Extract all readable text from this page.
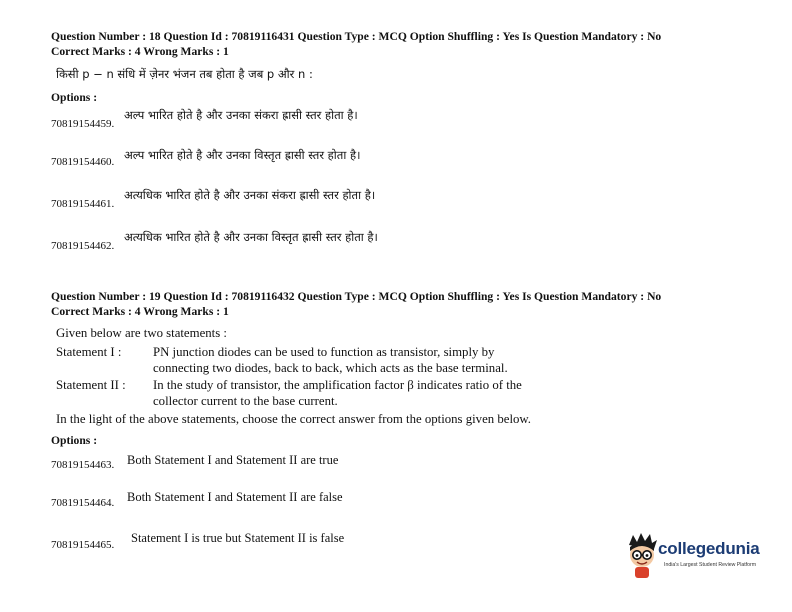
Question Number : 18 Question Id : 70819116431 Question Type : MCQ Option Shuffling : Yes Is Question Mandatory : No
Correct Marks : 4 Wrong Marks : 1
किसी p − n संधि में ज़ेनर भंजन तब होता है जब p और n :
Options :
70819154459.
अल्प भारित होते है और उनका संकरा ह्रासी स्तर होता है।
70819154460. अल्प भारित होते है और उनका विस्तृत ह्रासी स्तर होता है।
70819154461.
अत्यधिक भारित होते है और उनका संकरा ह्रासी स्तर होता है।
70819154462.
अत्यधिक भारित होते है और उनका विस्तृत ह्रासी स्तर होता है।
Question Number : 19 Question Id : 70819116432 Question Type : MCQ Option Shuffling : Yes Is Question Mandatory : No
Correct Marks : 4 Wrong Marks : 1
Given below are two statements :
Statement I : PN junction diodes can be used to function as transistor, simply by
connecting two diodes, back to back, which acts as the base terminal.
Statement II : In the study of transistor, the amplification factor β indicates ratio of the
collector current to the base current.
In the light of the above statements, choose the correct answer from the options given below.
Options :
70819154463. Both Statement I and Statement II are true
70819154464. Both Statement I and Statement II are false
70819154465. Statement I is true but Statement II is false
collegedunia
India's Largest Student Review Platform
